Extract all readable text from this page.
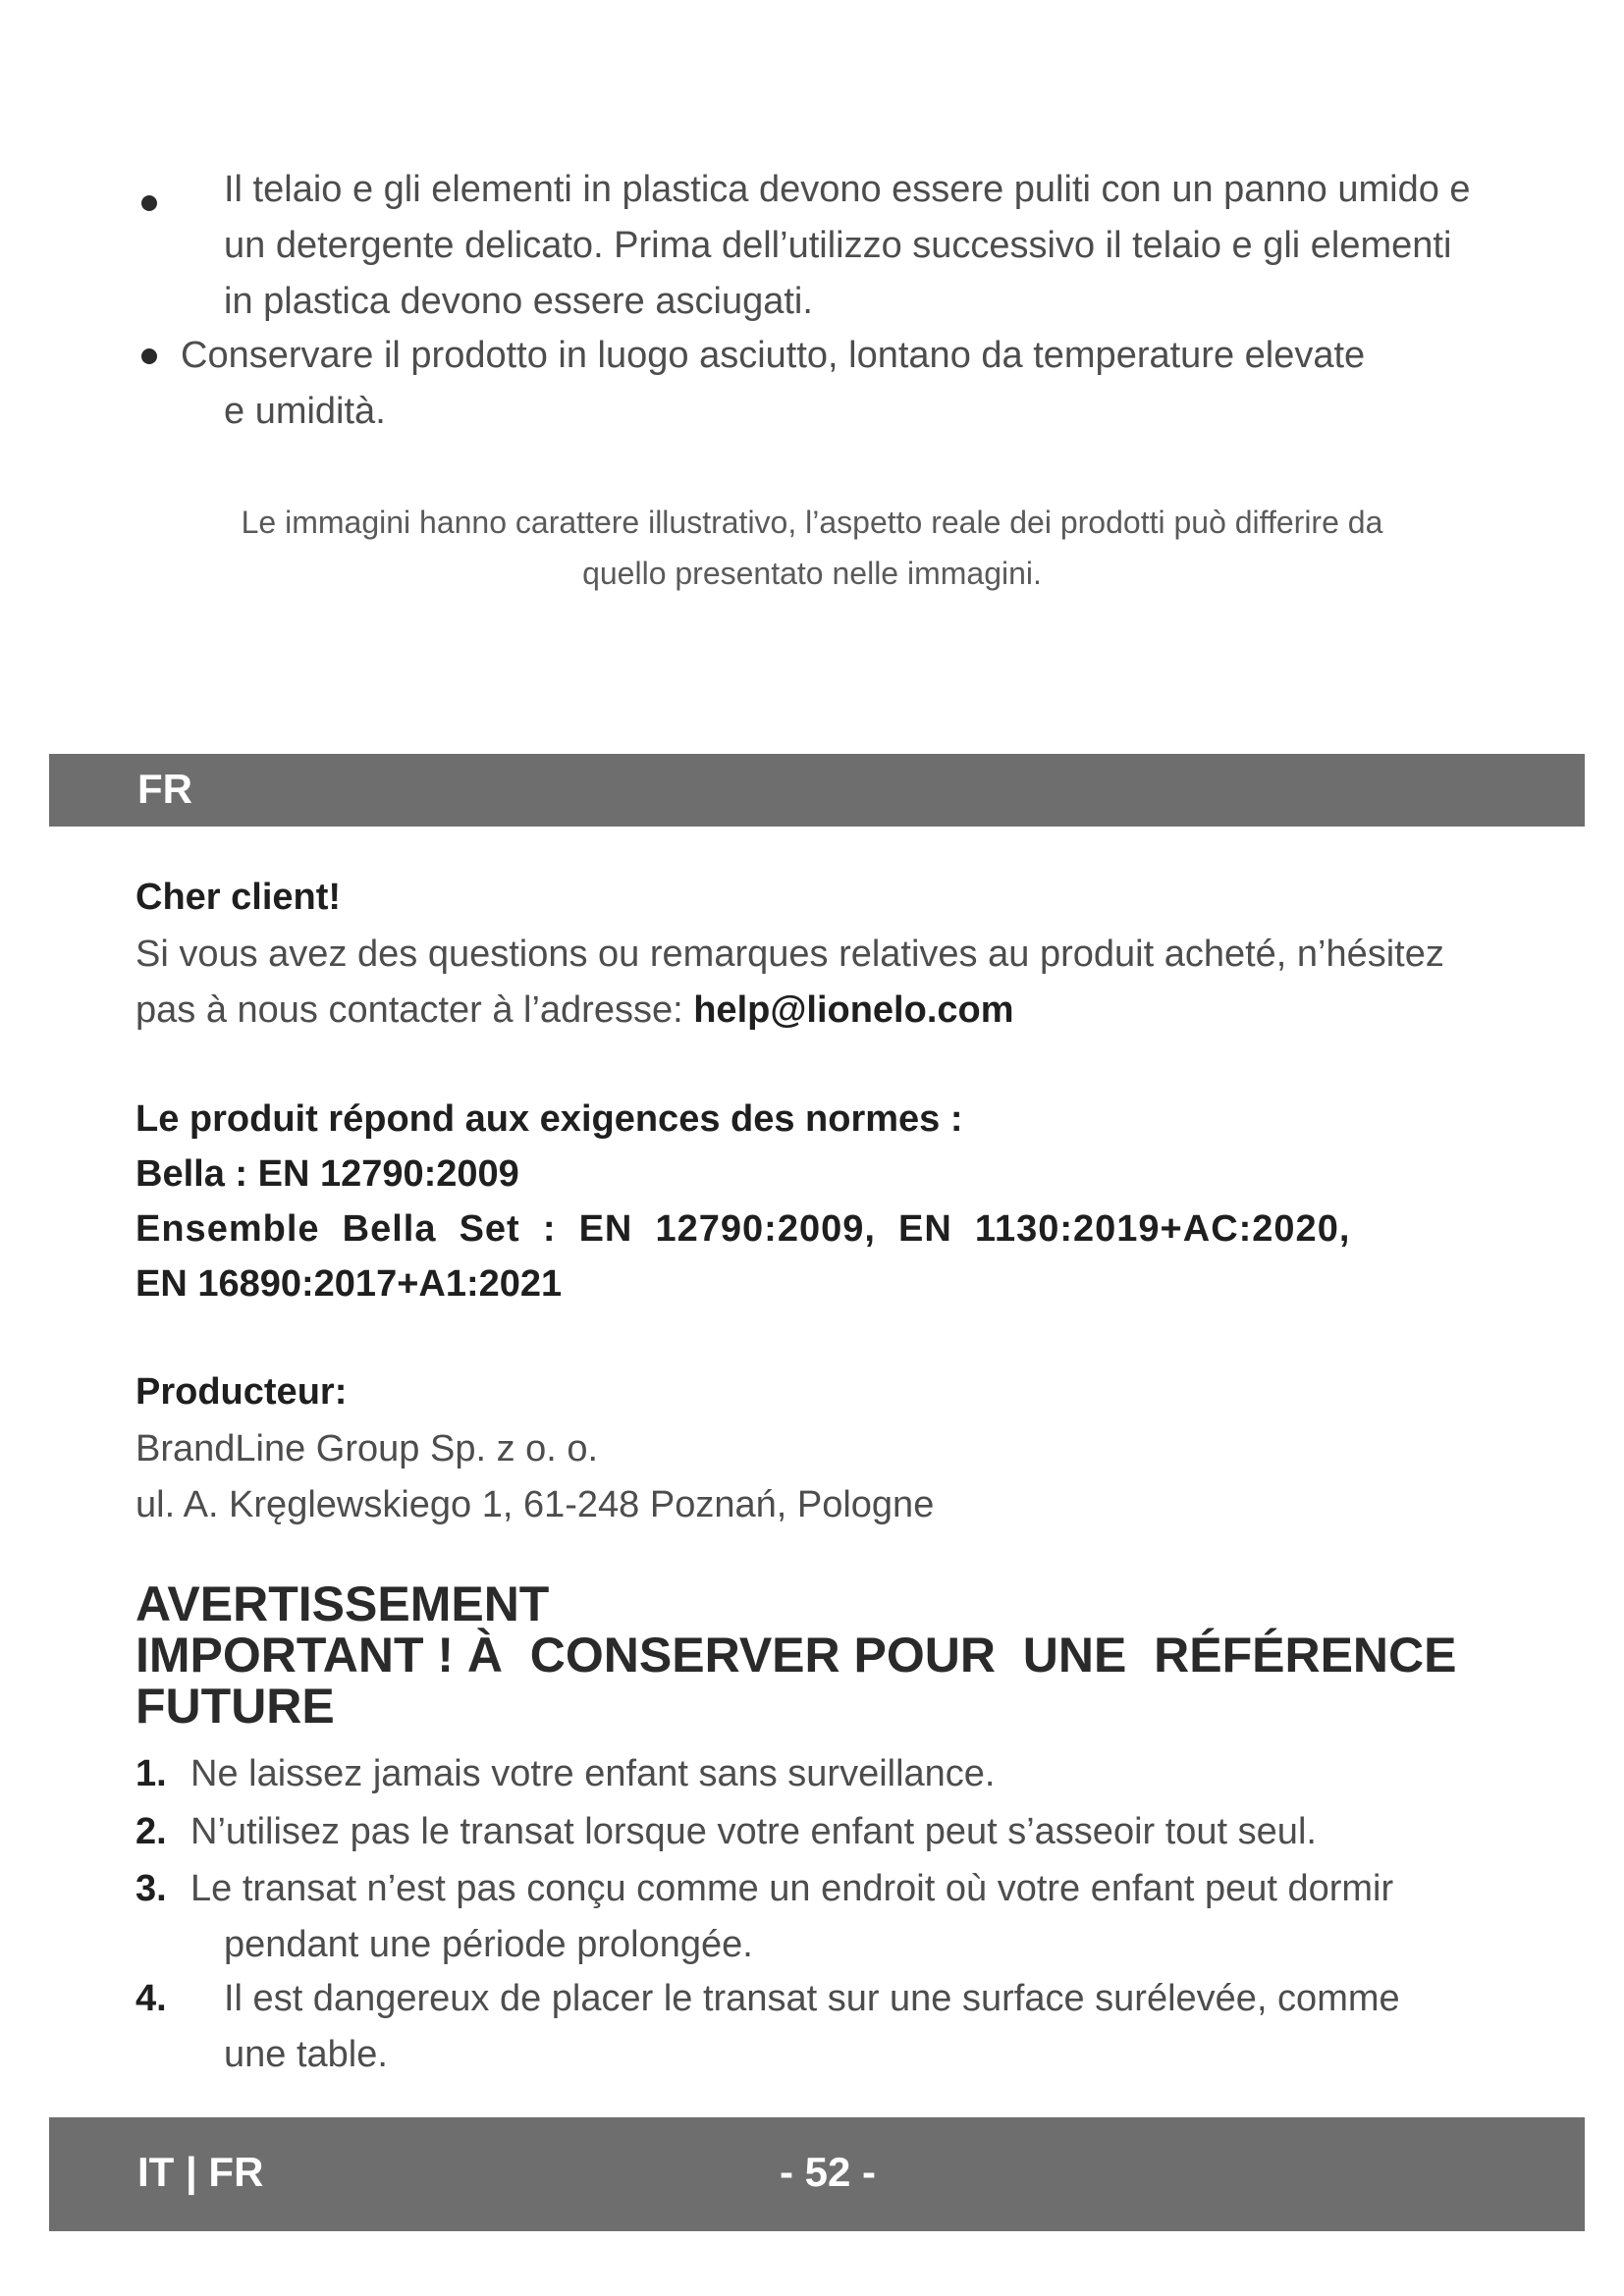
Il telaio e gli elementi in plastica devono essere puliti con un panno umido e
un detergente delicato. Prima dell’utilizzo successivo il telaio e gli elementi
in plastica devono essere asciugati.
Conservare il prodotto in luogo asciutto, lontano da temperature elevate
e umidità.
Le immagini hanno carattere illustrativo, l’aspetto reale dei prodotti può differire da
quello presentato nelle immagini.
FR
Cher client!
Si vous avez des questions ou remarques relatives au produit acheté, n’hésitez
pas à nous contacter à l’adresse: help@lionelo.com
Le produit répond aux exigences des normes :
Bella : EN 12790:2009
Ensemble  Bella  Set  :  EN  12790:2009,  EN  1130:2019+AC:2020,
EN 16890:2017+A1:2021
Producteur:
BrandLine Group Sp. z o. o.
ul. A. Kręglewskiego 1, 61-248 Poznań, Pologne
AVERTISSEMENT
IMPORTANT ! À  CONSERVER POUR  UNE  RÉFÉRENCE
FUTURE
1. Ne laissez jamais votre enfant sans surveillance.
2. N’utilisez pas le transat lorsque votre enfant peut s’asseoir tout seul.
3. Le transat n’est pas conçu comme un endroit où votre enfant peut dormir
pendant une période prolongée.
4. Il est dangereux de placer le transat sur une surface surélevée, comme
une table.
IT | FR	- 52 -
